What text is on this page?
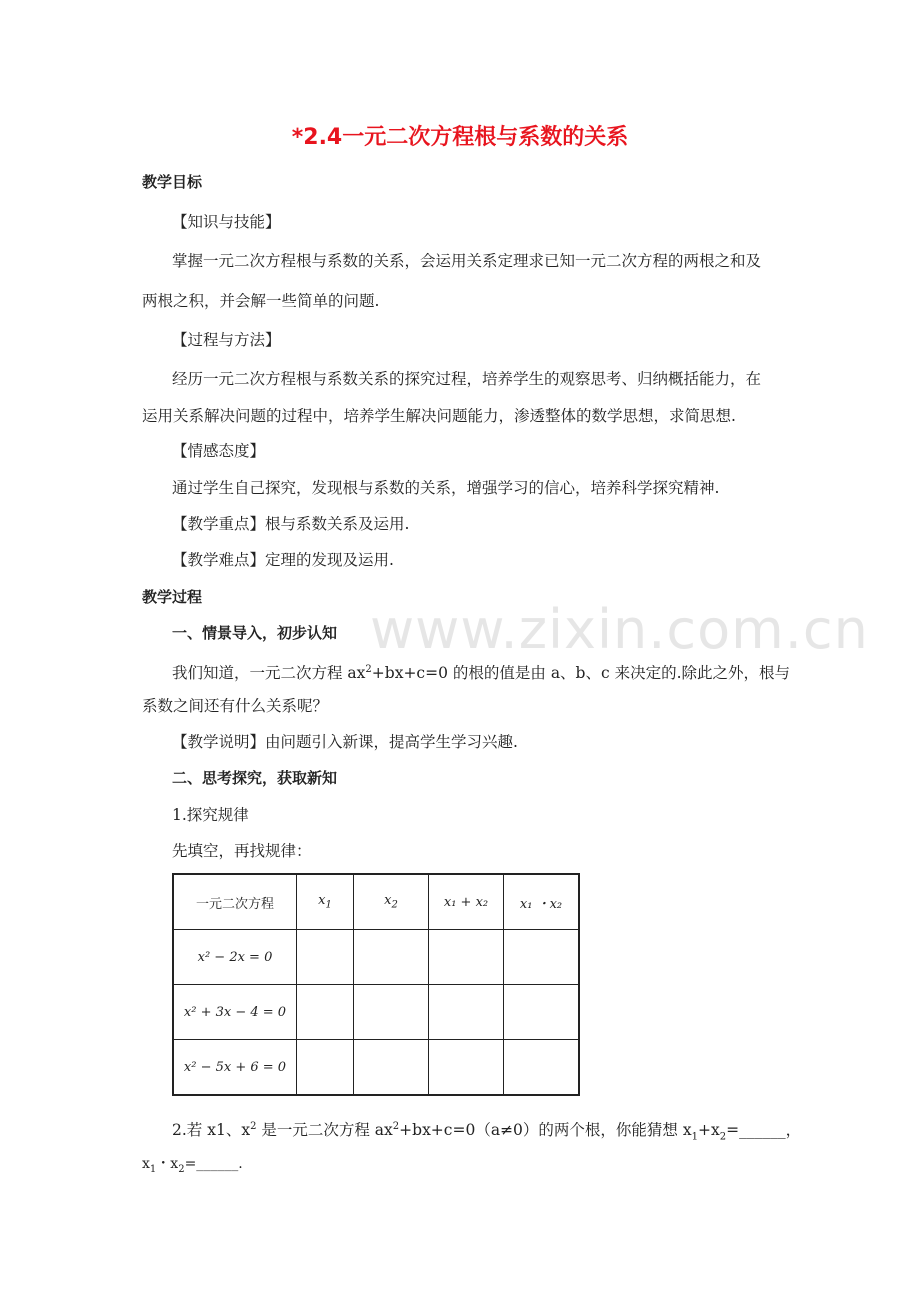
*2.4一元二次方程根与系数的关系
教学目标
【知识与技能】
掌握一元二次方程根与系数的关系，会运用关系定理求已知一元二次方程的两根之和及
两根之积，并会解一些简单的问题.
【过程与方法】
经历一元二次方程根与系数关系的探究过程，培养学生的观察思考、归纳概括能力，在
运用关系解决问题的过程中，培养学生解决问题能力，渗透整体的数学思想，求简思想.
【情感态度】
通过学生自己探究，发现根与系数的关系，增强学习的信心，培养科学探究精神.
【教学重点】根与系数关系及运用.
【教学难点】定理的发现及运用.
教学过程
www.zixin.com.cn
一、情景导入，初步认知
我们知道，一元二次方程 $ax^2+bx+c=0$ 的根的值是由 a、b、c 来决定的.除此之外，根与
系数之间还有什么关系呢？
【教学说明】由问题引入新课，提高学生学习兴趣.
二、思考探究，获取新知
1.探究规律
先填空，再找规律：
一元二次方程	$x_1$	$x_2$	x₁ + x₂	x₁ ・x₂
x² − 2x = 0				
x² + 3x − 4 = 0				
x² − 5x + 6 = 0				
2.若 x1、$x^2$ 是一元二次方程 $ax^2+bx+c=0(a\ne 0)$的两个根，你能猜想 $x_1+x_2=\_\_\_\_\_\_$，
$x_1$・$x_2=\_\_\_\_\_\_$.
